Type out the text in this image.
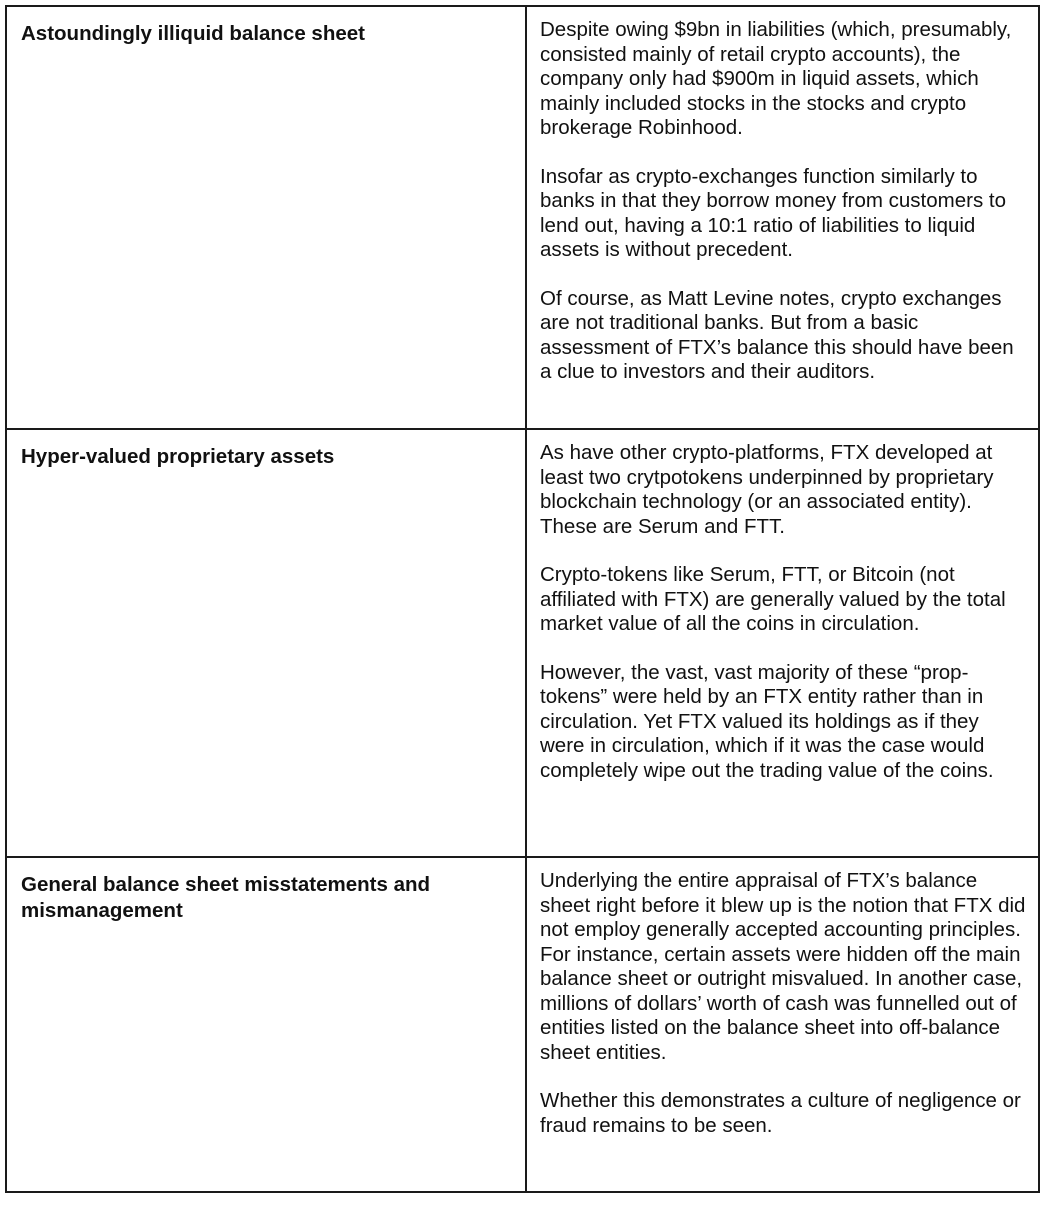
Astoundingly illiquid balance sheet	Despite owing $9bn in liabilities (which, presumably, consisted mainly of retail crypto accounts), the company only had $900m in liquid assets, which mainly included stocks in the stocks and crypto brokerage Robinhood.

Insofar as crypto-exchanges function similarly to banks in that they borrow money from customers to lend out, having a 10:1 ratio of liabilities to liquid assets is without precedent.

Of course, as Matt Levine notes, crypto exchanges are not traditional banks. But from a basic assessment of FTX’s balance this should have been a clue to investors and their auditors.

Hyper-valued proprietary assets	As have other crypto-platforms, FTX developed at least two crytpotokens underpinned by proprietary blockchain technology (or an associated entity). These are Serum and FTT.

Crypto-tokens like Serum, FTT, or Bitcoin (not affiliated with FTX) are generally valued by the total market value of all the coins in circulation.

However, the vast, vast majority of these “prop-tokens” were held by an FTX entity rather than in circulation. Yet FTX valued its holdings as if they were in circulation, which if it was the case would completely wipe out the trading value of the coins.

General balance sheet misstatements and mismanagement	Underlying the entire appraisal of FTX’s balance sheet right before it blew up is the notion that FTX did not employ generally accepted accounting principles. For instance, certain assets were hidden off the main balance sheet or outright misvalued. In another case, millions of dollars’ worth of cash was funnelled out of entities listed on the balance sheet into off-balance sheet entities.

Whether this demonstrates a culture of negligence or fraud remains to be seen.
